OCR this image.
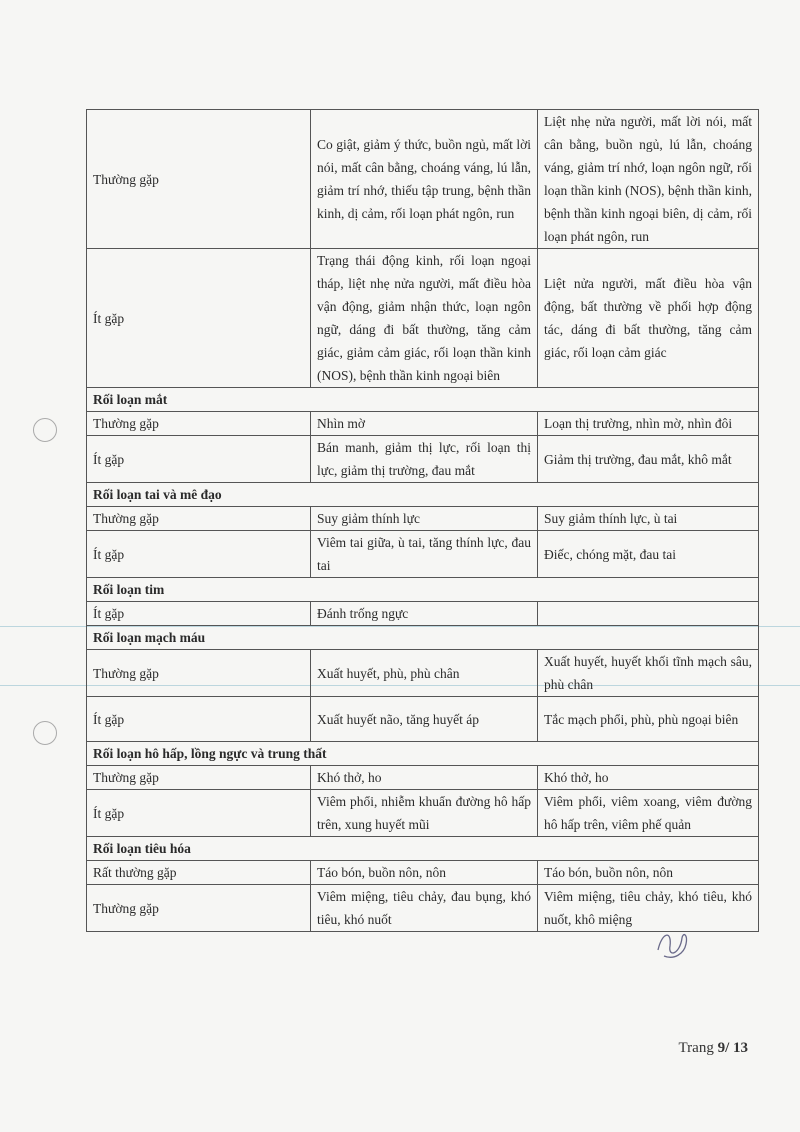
Thường gặp	Co giật, giảm ý thức, buồn ngủ, mất lời nói, mất cân bằng, choáng váng, lú lẫn, giảm trí nhớ, thiếu tập trung, bệnh thần kinh, dị cảm, rối loạn phát ngôn, run	Liệt nhẹ nửa người, mất lời nói, mất cân bằng, buồn ngủ, lú lẫn, choáng váng, giảm trí nhớ, loạn ngôn ngữ, rối loạn thần kinh (NOS), bệnh thần kinh, bệnh thần kinh ngoại biên, dị cảm, rối loạn phát ngôn, run
Ít gặp	Trạng thái động kinh, rối loạn ngoại tháp, liệt nhẹ nửa người, mất điều hòa vận động, giảm nhận thức, loạn ngôn ngữ, dáng đi bất thường, tăng cảm giác, giảm cảm giác, rối loạn thần kinh (NOS), bệnh thần kinh ngoại biên	Liệt nửa người, mất điều hòa vận động, bất thường về phối hợp động tác, dáng đi bất thường, tăng cảm giác, rối loạn cảm giác
Rối loạn mắt		
Thường gặp	Nhìn mờ	Loạn thị trường, nhìn mờ, nhìn đôi
Ít gặp	Bán manh, giảm thị lực, rối loạn thị lực, giảm thị trường, đau mắt	Giảm thị trường, đau mắt, khô mắt
Rối loạn tai và mê đạo		
Thường gặp	Suy giảm thính lực	Suy giảm thính lực, ù tai
Ít gặp	Viêm tai giữa, ù tai, tăng thính lực, đau tai	Điếc, chóng mặt, đau tai
Rối loạn tim		
Ít gặp	Đánh trống ngực	
Rối loạn mạch máu		
Thường gặp	Xuất huyết, phù, phù chân	Xuất huyết, huyết khối tĩnh mạch sâu, phù chân
Ít gặp	Xuất huyết não, tăng huyết áp	Tắc mạch phổi, phù, phù ngoại biên
Rối loạn hô hấp, lồng ngực và trung thất		
Thường gặp	Khó thở, ho	Khó thở, ho
Ít gặp	Viêm phổi, nhiễm khuẩn đường hô hấp trên, xung huyết mũi	Viêm phổi, viêm xoang, viêm đường hô hấp trên, viêm phế quản
Rối loạn tiêu hóa		
Rất thường gặp	Táo bón, buồn nôn, nôn	Táo bón, buồn nôn, nôn
Thường gặp	Viêm miệng, tiêu chảy, đau bụng, khó tiêu, khó nuốt	Viêm miệng, tiêu chảy, khó tiêu, khó nuốt, khô miệng
Trang 9/ 13
